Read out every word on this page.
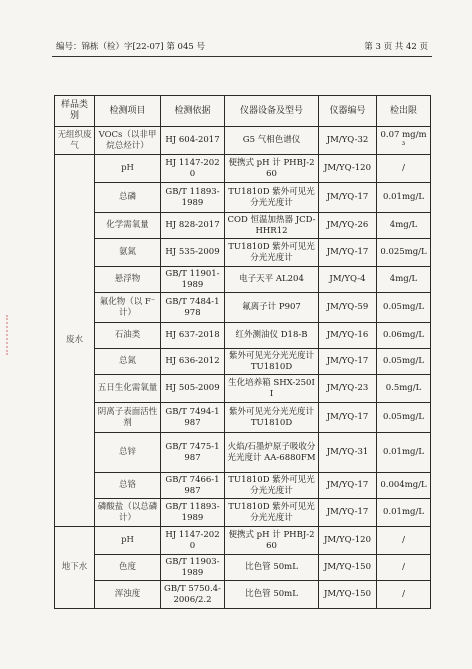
编号：锦栋（检）字[22-07] 第 045 号	第 3 页 共 42 页
样品类别	检测项目	检测依据	仪器设备及型号	仪器编号	检出限
无组织废气	VOCs（以非甲烷总烃计）	HJ 604-2017	G5 气相色谱仪	JM/YQ-32	0.07 mg/m³
废水	pH	HJ 1147-2020	便携式 pH 计 PHBJ-260	JM/YQ-120	/
	总磷	GB/T 11893-1989	TU1810D 紫外可见光分光光度计	JM/YQ-17	0.01mg/L
	化学需氧量	HJ 828-2017	COD 恒温加热器 JCD-HHR12	JM/YQ-26	4mg/L
	氨氮	HJ 535-2009	TU1810D 紫外可见光分光光度计	JM/YQ-17	0.025mg/L
	悬浮物	GB/T 11901-1989	电子天平 AL204	JM/YQ-4	4mg/L
	氟化物（以 F⁻计）	GB/T 7484-1978	氟离子计 P907	JM/YQ-59	0.05mg/L
	石油类	HJ 637-2018	红外测油仪 D18-B	JM/YQ-16	0.06mg/L
	总氮	HJ 636-2012	紫外可见光分光光度计 TU1810D	JM/YQ-17	0.05mg/L
	五日生化需氧量	HJ 505-2009	生化培养箱 SHX-250II	JM/YQ-23	0.5mg/L
	阴离子表面活性剂	GB/T 7494-1987	紫外可见光分光光度计 TU1810D	JM/YQ-17	0.05mg/L
	总锌	GB/T 7475-1987	火焰/石墨炉原子吸收分光光度计 AA-6880FM	JM/YQ-31	0.01mg/L
	总铬	GB/T 7466-1987	TU1810D 紫外可见光分光光度计	JM/YQ-17	0.004mg/L
	磷酸盐（以总磷计）	GB/T 11893-1989	TU1810D 紫外可见光分光光度计	JM/YQ-17	0.01mg/L
地下水	pH	HJ 1147-2020	便携式 pH 计 PHBJ-260	JM/YQ-120	/
	色度	GB/T 11903-1989	比色管 50mL	JM/YQ-150	/
	浑浊度	GB/T 5750.4-2006/2.2	比色管 50mL	JM/YQ-150	/
